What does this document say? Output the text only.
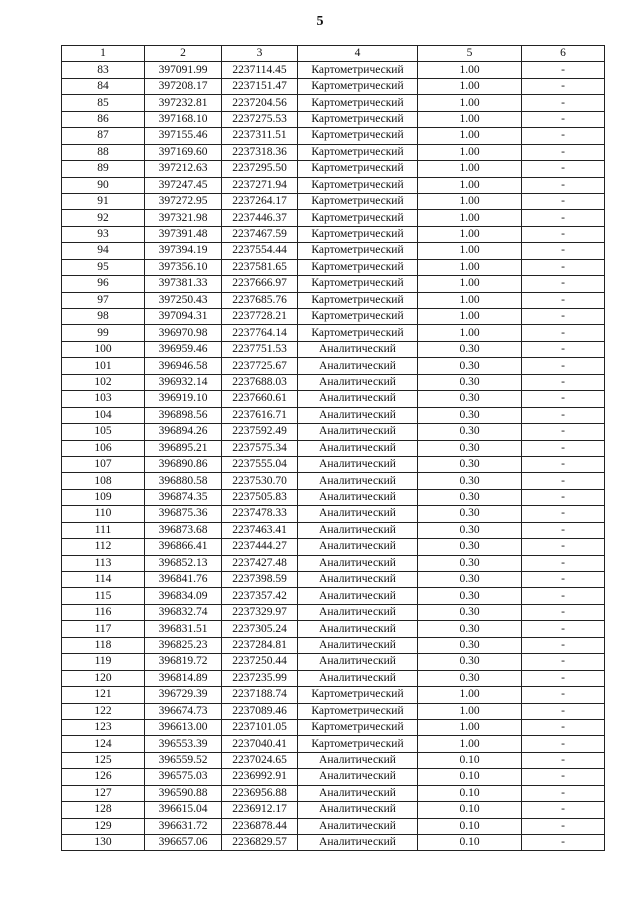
5
1	2	3	4	5	6
83	397091.99	2237114.45	Картометрический	1.00	-
84	397208.17	2237151.47	Картометрический	1.00	-
85	397232.81	2237204.56	Картометрический	1.00	-
86	397168.10	2237275.53	Картометрический	1.00	-
87	397155.46	2237311.51	Картометрический	1.00	-
88	397169.60	2237318.36	Картометрический	1.00	-
89	397212.63	2237295.50	Картометрический	1.00	-
90	397247.45	2237271.94	Картометрический	1.00	-
91	397272.95	2237264.17	Картометрический	1.00	-
92	397321.98	2237446.37	Картометрический	1.00	-
93	397391.48	2237467.59	Картометрический	1.00	-
94	397394.19	2237554.44	Картометрический	1.00	-
95	397356.10	2237581.65	Картометрический	1.00	-
96	397381.33	2237666.97	Картометрический	1.00	-
97	397250.43	2237685.76	Картометрический	1.00	-
98	397094.31	2237728.21	Картометрический	1.00	-
99	396970.98	2237764.14	Картометрический	1.00	-
100	396959.46	2237751.53	Аналитический	0.30	-
101	396946.58	2237725.67	Аналитический	0.30	-
102	396932.14	2237688.03	Аналитический	0.30	-
103	396919.10	2237660.61	Аналитический	0.30	-
104	396898.56	2237616.71	Аналитический	0.30	-
105	396894.26	2237592.49	Аналитический	0.30	-
106	396895.21	2237575.34	Аналитический	0.30	-
107	396890.86	2237555.04	Аналитический	0.30	-
108	396880.58	2237530.70	Аналитический	0.30	-
109	396874.35	2237505.83	Аналитический	0.30	-
110	396875.36	2237478.33	Аналитический	0.30	-
111	396873.68	2237463.41	Аналитический	0.30	-
112	396866.41	2237444.27	Аналитический	0.30	-
113	396852.13	2237427.48	Аналитический	0.30	-
114	396841.76	2237398.59	Аналитический	0.30	-
115	396834.09	2237357.42	Аналитический	0.30	-
116	396832.74	2237329.97	Аналитический	0.30	-
117	396831.51	2237305.24	Аналитический	0.30	-
118	396825.23	2237284.81	Аналитический	0.30	-
119	396819.72	2237250.44	Аналитический	0.30	-
120	396814.89	2237235.99	Аналитический	0.30	-
121	396729.39	2237188.74	Картометрический	1.00	-
122	396674.73	2237089.46	Картометрический	1.00	-
123	396613.00	2237101.05	Картометрический	1.00	-
124	396553.39	2237040.41	Картометрический	1.00	-
125	396559.52	2237024.65	Аналитический	0.10	-
126	396575.03	2236992.91	Аналитический	0.10	-
127	396590.88	2236956.88	Аналитический	0.10	-
128	396615.04	2236912.17	Аналитический	0.10	-
129	396631.72	2236878.44	Аналитический	0.10	-
130	396657.06	2236829.57	Аналитический	0.10	-
